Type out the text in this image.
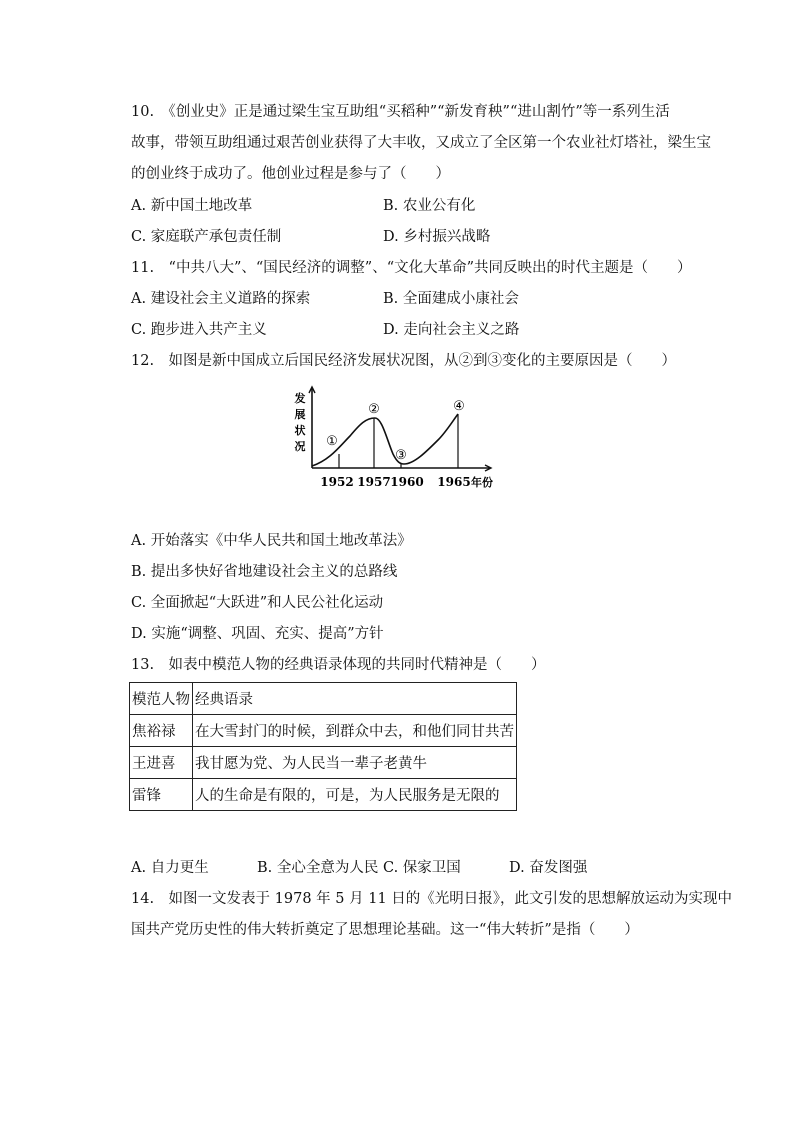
10.　《创业史》正是通过梁生宝互助组“买稻种”“新发育秧”“进山割竹”等一系列生活
故事，带领互助组通过艰苦创业获得了大丰收，又成立了全区第一个农业社灯塔社，梁生宝
的创业终于成功了。他创业过程是参与了（　　）
A. 新中国土地改革	B. 农业公有化
C. 家庭联产承包责任制	D. 乡村振兴战略
11.　“中共八大”、“国民经济的调整”、“文化大革命”共同反映出的时代主题是（　　）
A. 建设社会主义道路的探索	B. 全面建成小康社会
C. 跑步进入共产主义	D. 走向社会主义之路
12.　如图是新中国成立后国民经济发展状况图，从②到③变化的主要原因是（　　）
发
展
状
况 ①
②
③
④
1952 1957 1960 1965 年份
A. 开始落实《中华人民共和国土地改革法》
B. 提出多快好省地建设社会主义的总路线
C. 全面掀起“大跃进”和人民公社化运动
D. 实施“调整、巩固、充实、提高”方针
13.　如表中模范人物的经典语录体现的共同时代精神是（　　）
模范人物	经典语录
焦裕禄	在大雪封门的时候，到群众中去，和他们同甘共苦
王进喜	我甘愿为党、为人民当一辈子老黄牛
雷锋	人的生命是有限的，可是，为人民服务是无限的
A. 自力更生	B. 全心全意为人民 C. 保家卫国	D. 奋发图强
14.　如图一文发表于 1978 年 5 月 11 日的《光明日报》，此文引发的思想解放运动为实现中
国共产党历史性的伟大转折奠定了思想理论基础。这一“伟大转折”是指（　　）
